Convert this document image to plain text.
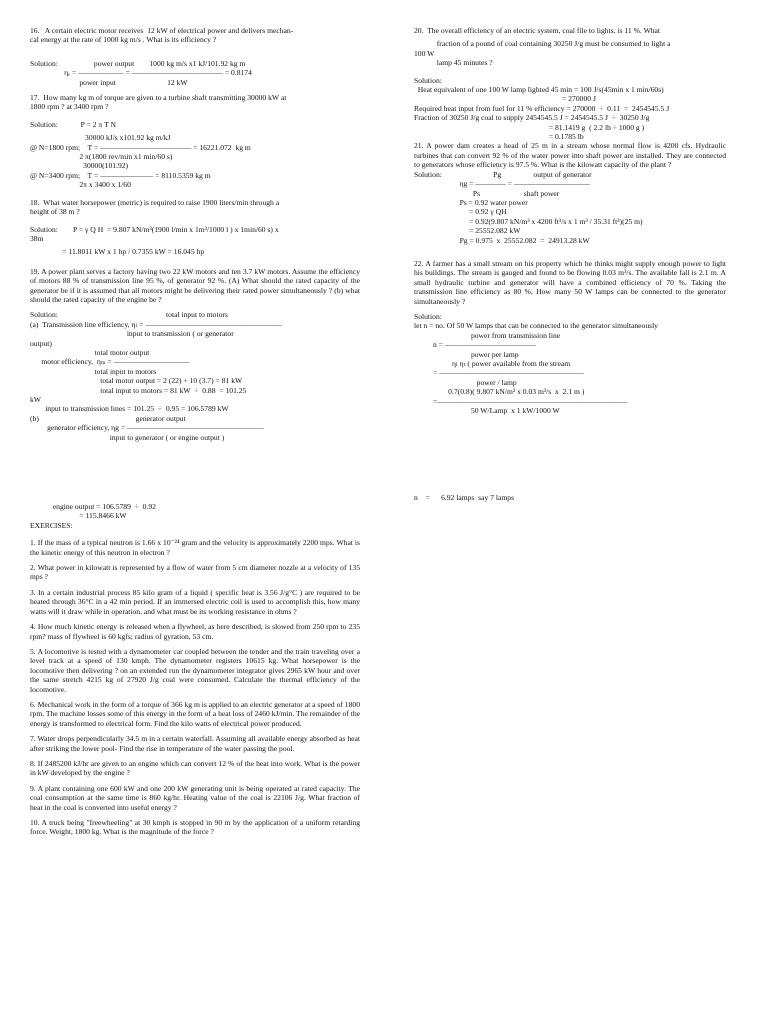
16.   A certain electric motor receives  12 kW of electrical power and delivers mechan-
cal energy at the rate of 1000 kg m/s . What is its efficiency ?
Solution:                   power output        1000 kg m/s x1 kJ/101.92 kg m
ηₑ = ―――――― = ―――――――――――― = 0.8174
power input                           12 kW
17.  How many kg m of torque are given to a turbine shaft transmitting 30000 kW at
1800 rpm ? at 3400 rpm ?
Solution:            P = 2 π T N
30000 kJ/s x101.92 kg m/kJ
@ N=1800 rpm;    T = ―――――――――――― = 16221.072  kg m
2 π(1800 rev/min x1 min/60 s)
30000(101.92)
@ N=3400 rpm;    T = ――――――― = 8110.5359 kg m
2π x 3400 x 1/60
18.  What water horsepower (metric) is required to raise 1900 liters/min through a
height of 38 m ?
Solution:        P = γ Q H  = 9.807 kN/m³(1900 l/min x 1m³/1000 l ) x 1min/60 s) x
38m
= 11.8011 kW x 1 hp / 0.7355 kW = 16.045 hp
19. A power plant serves a factory having two 22 kW motors and ten 3.7 kW motors. Assume the efficiency of motors 88 % of transmission line 95 %, of generator 92 %. (A) What should the rated capacity of the generator be if it is assumed that all motors might be delivering their rated power simultaneously ? (b) what should the rated capacity of the engine be ?
Solution:                                                         total input to motors
(a)  Transmission line efficiency, ηₗ = ――――――――――――――――――
input to transmission ( or generator
output)
total motor output
motor efficiency,  ηₘ = ――――――――――
total input to motors
total motor output = 2 (22) + 10 (3.7) = 81 kW
total input to motors = 81 kW  ÷  0.88  = 101.25
kW
input to transmission lines = 101.25  ÷  0.95 = 106.5789 kW
(b)                                                   generator output
generator efficiency, ηg = ――――――――――――――――――
input to generator ( or engine output )
engine output = 106.5789  ÷  0.92
= 115.8466 kW
EXERCISES:
1. If the mass of a typical neutron is 1.66 x 10⁻²⁴ gram and the velocity is approximately 2200 mps. What is the kinetic energy of this neutron in electron ?
2. What power in kilowatt is represented by a flow of water from 5 cm diameter nozzle at a velocity of 135 mps ?
3. In a certain industrial process 85 kilo gram of a liquid ( specific heat is 3.56 J/g°C ) are required to be heated through 36°C in a 42 min period. If an immersed electric coil is used to accomplish this, how many watts will it draw while in operation, and what must be its working resistance in ohms ?
4. How much kinetic energy is released when a flywheel, as here described, is slowed from 250 rpm to 235 rpm? mass of flywheel is 60 kgfs; radius of gyration, 53 cm.
5. A locomotive is tested with a dynamometer car coupled between the tender and the train traveling over a level track at a speed of 130 kmph. The dynamometer registers 10615 kg. What horsepower is the locomotive then delivering ? on an extended run the dynamometer integrator gives 2965 kW hour and over the same stretch 4215 kg of 27920 J/g coal were consumed. Calculate the thermal efficiency of the locomotive.
6. Mechanical work in the form of a torque of 366 kg m is applied to an electric generator at a speed of 1800 rpm. The machine losses some of this energy in the form of a heat loss of 2460 kJ/min. The remainder of the energy is transformed to electrical form. Find the kilo watts of electrical power produced.
7. Water drops perpendicularly 34.5 m in a certain waterfall. Assuming all available energy absorbed as heat after striking the lower pool- Find the rise in temperature of the water passing the pool.
8. If 2485200 kJ/hr are given to an engine which can convert 12 % of the heat into work. What is the power in kW developed by the engine ?
9. A plant containing one 600 kW and one 200 kW generating unit is being operated at rated capacity. The coal consumption at the same time is 860 kg/hr. Heating value of the coal is 22106 J/g. What fraction of heat in the coal is converted into useful energy ?
10. A truck being "freewheeling" at 30 kmph is stopped in 90 m by the application of a uniform retarding force. Weight, 1800 kg. What is the magnitude of the force ?
20.  The overall efficiency of an electric system, coal file to lights, is 11 %. What
fraction of a pound of coal containing 30250 J/g must be consumed to light a
100 W
lamp 45 minutes ?
Solution:
Heat equivalent of one 100 W lamp lighted 45 min = 100 J/s(45min x 1 min/60s)
= 270000 J
Required heat input from fuel for 11 % efficiency = 270000  ÷  0.11  =  2454545.5 J
Fraction of 30250 J/g coal to supply 2454545.5 J = 2454545.5 J  ÷  30250 J/g
= 81.1419 g  ( 2.2 lb ÷ 1000 g )
= 0.1785 lb
21. A power dam creates a head of 25 m in a stream whose normal flow is 4200 cfs. Hydraulic turbines that can convert 92 % of the water power into shaft power are installed. They are connected to generators whose efficiency is 97.5 %. What is the kilowatt capacity of the plant ?
Solution:                           Pg                 output of generator
ηg = ―――― = ――――――――――
Ps                       shaft power
Ps = 0.92 water power
= 0.92 γ QH
= 0.92(9.807 kN/m³ x 4200 ft³/s x 1 m³ / 35.31 ft³)(25 m)
= 25552.082 kW
Pg = 0.975  x  25552.082  =  24913.28 kW
22. A farmer has a small stream on his property which he thinks might supply enough power to light his buildings. The stream is gauged and found to be flowing 0.03 m³/s. The available fall is 2.1 m. A small hydraulic turbine and generator will have a combined efficiency of 70 %. Taking the transmission line efficiency as 80 %, How many 50 W lamps can be connected to the generator simultaneously ?
Solution:
let n = no. Of 50 W lamps that can be connected to the generator simultaneously
power from transmission line
n = ――――――――――――
power per lamp
ηₗ ηₜ ( power available from the stream
= ―――――――――――――――――――
power / lamp
0.7(0.8)( 9.807 kN/m³ x 0.03 m³/s  x  2.1 m )
=―――――――――――――――――――――――――
50 W/Lamp  x 1 kW/1000 W
n    =      6.92 lamps  say 7 lamps
